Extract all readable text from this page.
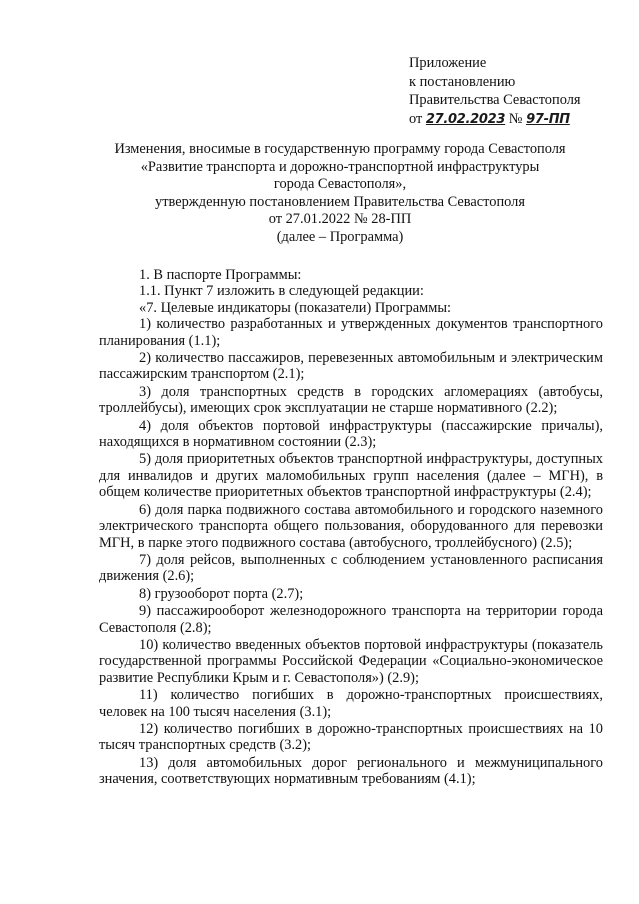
Приложение
к постановлению
Правительства Севастополя
от 27.02.2023 № 97-ПП
Изменения, вносимые в государственную программу города Севастополя
«Развитие транспорта и дорожно-транспортной инфраструктуры
города Севастополя»,
утвержденную постановлением Правительства Севастополя
от 27.01.2022 № 28-ПП
(далее – Программа)

1. В паспорте Программы:

1.1. Пункт 7 изложить в следующей редакции:

«7. Целевые индикаторы (показатели) Программы:

1) количество разработанных и утвержденных документов транспортного планирования (1.1);

2) количество пассажиров, перевезенных автомобильным и электрическим пассажирским транспортом (2.1);

3) доля транспортных средств в городских агломерациях (автобусы, троллейбусы), имеющих срок эксплуатации не старше нормативного (2.2);

4) доля объектов портовой инфраструктуры (пассажирские причалы), находящихся в нормативном состоянии (2.3);

5) доля приоритетных объектов транспортной инфраструктуры, доступных для инвалидов и других маломобильных групп населения (далее – МГН), в общем количестве приоритетных объектов транспортной инфраструктуры (2.4);

6) доля парка подвижного состава автомобильного и городского наземного электрического транспорта общего пользования, оборудованного для перевозки МГН, в парке этого подвижного состава (автобусного, троллейбусного) (2.5);

7) доля рейсов, выполненных с соблюдением установленного расписания движения (2.6);

8) грузооборот порта (2.7);

9) пассажирооборот железнодорожного транспорта на территории города Севастополя (2.8);

10) количество введенных объектов портовой инфраструктуры (показатель государственной программы Российской Федерации «Социально-экономическое развитие Республики Крым и г. Севастополя») (2.9);

11) количество погибших в дорожно-транспортных происшествиях, человек на 100 тысяч населения (3.1);

12) количество погибших в дорожно-транспортных происшествиях на 10 тысяч транспортных средств (3.2);

13) доля автомобильных дорог регионального и межмуниципального значения, соответствующих нормативным требованиям (4.1);
